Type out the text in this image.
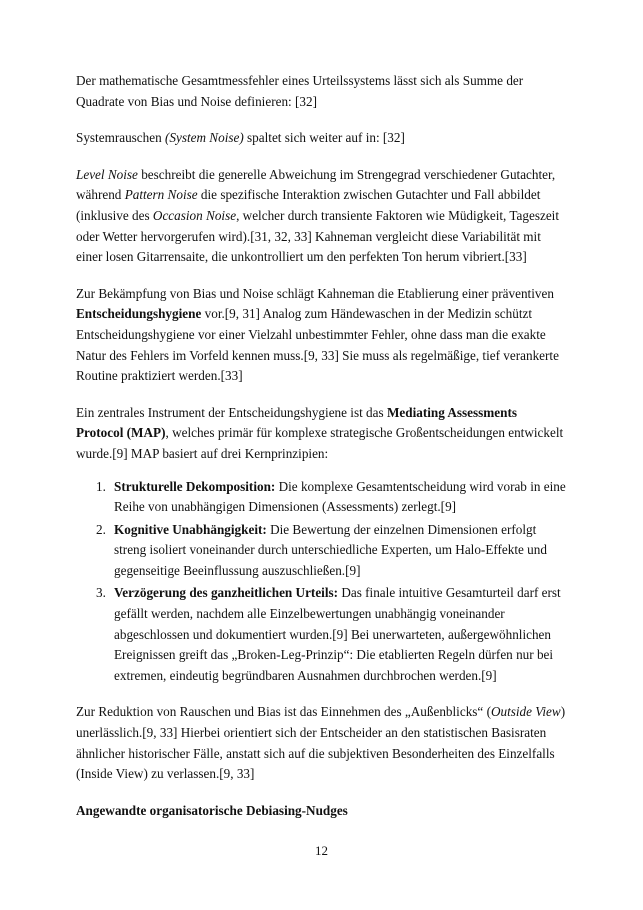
Der mathematische Gesamtmessfehler eines Urteilssystems lässt sich als Summe der Quadrate von Bias und Noise definieren: [32]

Systemrauschen (System Noise) spaltet sich weiter auf in: [32]

Level Noise beschreibt die generelle Abweichung im Strengegrad verschiedener Gutachter, während Pattern Noise die spezifische Interaktion zwischen Gutachter und Fall abbildet (inklusive des Occasion Noise, welcher durch transiente Faktoren wie Müdigkeit, Tageszeit oder Wetter hervorgerufen wird).[31, 32, 33] Kahneman vergleicht diese Variabilität mit einer losen Gitarrensaite, die unkontrolliert um den perfekten Ton herum vibriert.[33]

Zur Bekämpfung von Bias und Noise schlägt Kahneman die Etablierung einer präventiven Entscheidungshygiene vor.[9, 31] Analog zum Händewaschen in der Medizin schützt Entscheidungshygiene vor einer Vielzahl unbestimmter Fehler, ohne dass man die exakte Natur des Fehlers im Vorfeld kennen muss.[9, 33] Sie muss als regelmäßige, tief verankerte Routine praktiziert werden.[33]

Ein zentrales Instrument der Entscheidungshygiene ist das Mediating Assessments Protocol (MAP), welches primär für komplexe strategische Großentscheidungen entwickelt wurde.[9] MAP basiert auf drei Kernprinzipien:

1. Strukturelle Dekomposition: Die komplexe Gesamtentscheidung wird vorab in eine Reihe von unabhängigen Dimensionen (Assessments) zerlegt.[9]
2. Kognitive Unabhängigkeit: Die Bewertung der einzelnen Dimensionen erfolgt streng isoliert voneinander durch unterschiedliche Experten, um Halo-Effekte und gegenseitige Beeinflussung auszuschließen.[9]
3. Verzögerung des ganzheitlichen Urteils: Das finale intuitive Gesamturteil darf erst gefällt werden, nachdem alle Einzelbewertungen unabhängig voneinander abgeschlossen und dokumentiert wurden.[9] Bei unerwarteten, außergewöhnlichen Ereignissen greift das „Broken-Leg-Prinzip“: Die etablierten Regeln dürfen nur bei extremen, eindeutig begründbaren Ausnahmen durchbrochen werden.[9]

Zur Reduktion von Rauschen und Bias ist das Einnehmen des „Außenblicks“ (Outside View) unerlässlich.[9, 33] Hierbei orientiert sich der Entscheider an den statistischen Basisraten ähnlicher historischer Fälle, anstatt sich auf die subjektiven Besonderheiten des Einzelfalls (Inside View) zu verlassen.[9, 33]

Angewandte organisatorische Debiasing-Nudges
12
